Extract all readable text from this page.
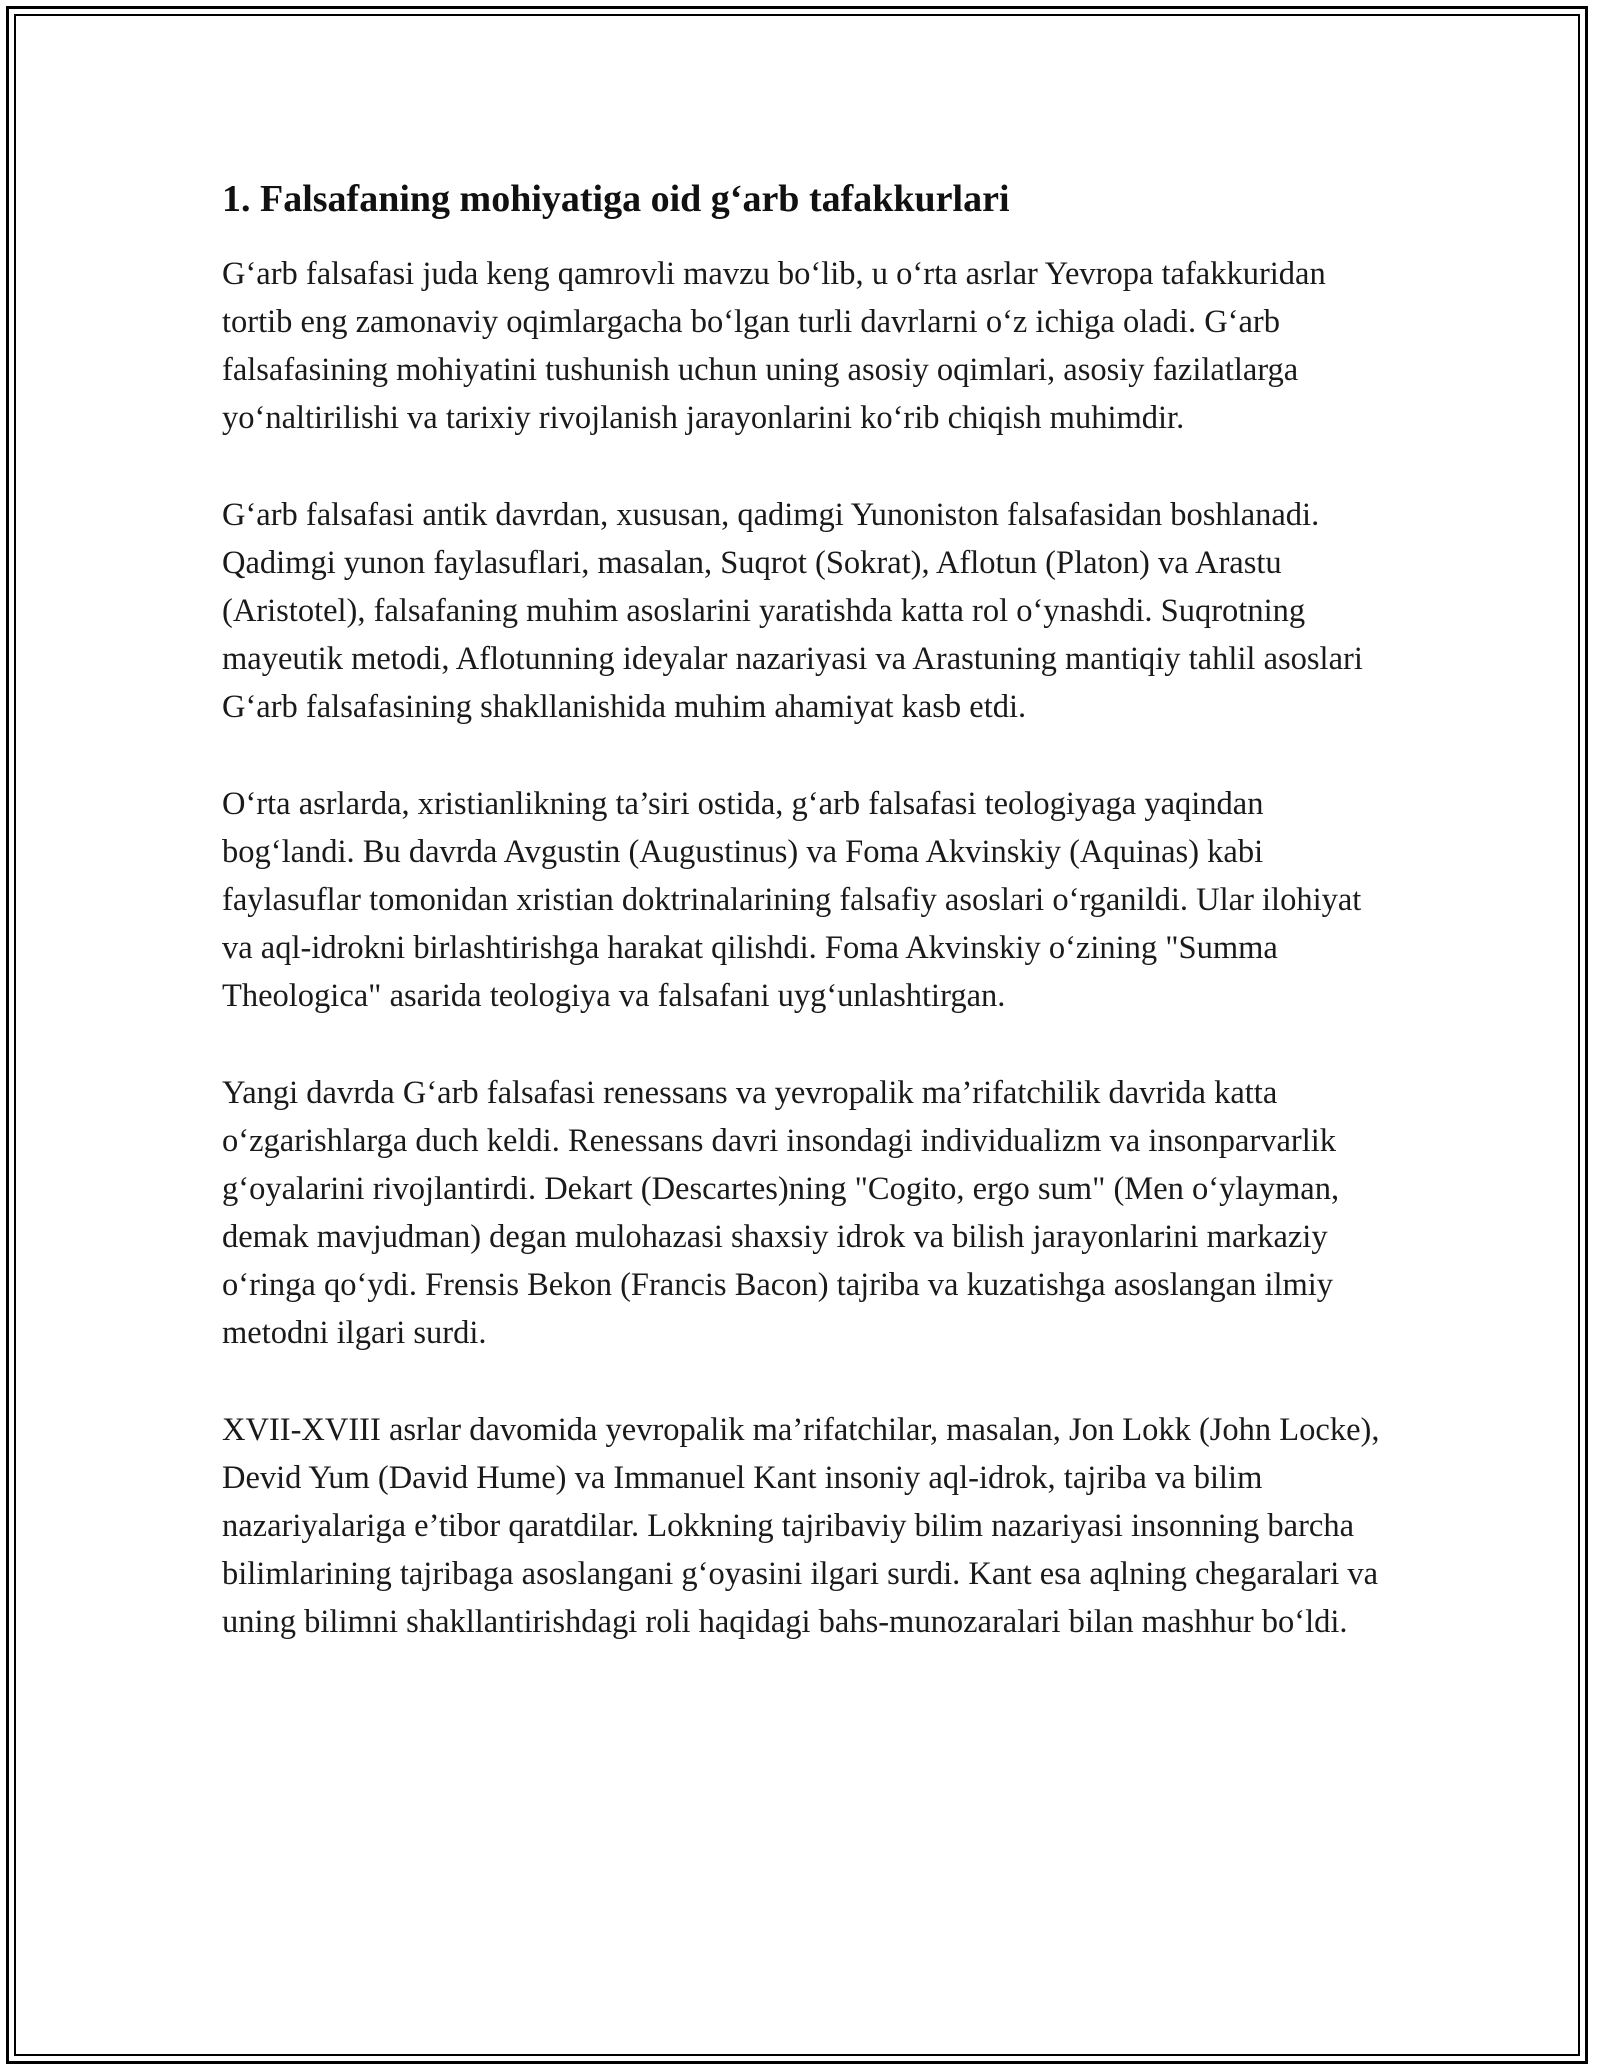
1. Falsafaning mohiyatiga oid g‘arb tafakkurlari

G‘arb falsafasi juda keng qamrovli mavzu bo‘lib, u o‘rta asrlar Yevropa tafakkuridan tortib eng zamonaviy oqimlargacha bo‘lgan turli davrlarni o‘z ichiga oladi. G‘arb falsafasining mohiyatini tushunish uchun uning asosiy oqimlari, asosiy fazilatlarga yo‘naltirilishi va tarixiy rivojlanish jarayonlarini ko‘rib chiqish muhimdir.

G‘arb falsafasi antik davrdan, xususan, qadimgi Yunoniston falsafasidan boshlanadi. Qadimgi yunon faylasuflari, masalan, Suqrot (Sokrat), Aflotun (Platon) va Arastu (Aristotel), falsafaning muhim asoslarini yaratishda katta rol o‘ynashdi. Suqrotning mayeutik metodi, Aflotunning ideyalar nazariyasi va Arastuning mantiqiy tahlil asoslari G‘arb falsafasining shakllanishida muhim ahamiyat kasb etdi.

O‘rta asrlarda, xristianlikning ta’siri ostida, g‘arb falsafasi teologiyaga yaqindan bog‘landi. Bu davrda Avgustin (Augustinus) va Foma Akvinskiy (Aquinas) kabi faylasuflar tomonidan xristian doktrinalarining falsafiy asoslari o‘rganildi. Ular ilohiyat va aql-idrokni birlashtirishga harakat qilishdi. Foma Akvinskiy o‘zining "Summa Theologica" asarida teologiya va falsafani uyg‘unlashtirgan.

Yangi davrda G‘arb falsafasi renessans va yevropalik ma’rifatchilik davrida katta o‘zgarishlarga duch keldi. Renessans davri insondagi individualizm va insonparvarlik g‘oyalarini rivojlantirdi. Dekart (Descartes)ning "Cogito, ergo sum" (Men o‘ylayman, demak mavjudman) degan mulohazasi shaxsiy idrok va bilish jarayonlarini markaziy o‘ringa qo‘ydi. Frensis Bekon (Francis Bacon) tajriba va kuzatishga asoslangan ilmiy metodni ilgari surdi.

XVII-XVIII asrlar davomida yevropalik ma’rifatchilar, masalan, Jon Lokk (John Locke), Devid Yum (David Hume) va Immanuel Kant insoniy aql-idrok, tajriba va bilim nazariyalariga e’tibor qaratdilar. Lokkning tajribaviy bilim nazariyasi insonning barcha bilimlarining tajribaga asoslangani g‘oyasini ilgari surdi. Kant esa aqlning chegaralari va uning bilimni shakllantirishdagi roli haqidagi bahs-munozaralari bilan mashhur bo‘ldi.
